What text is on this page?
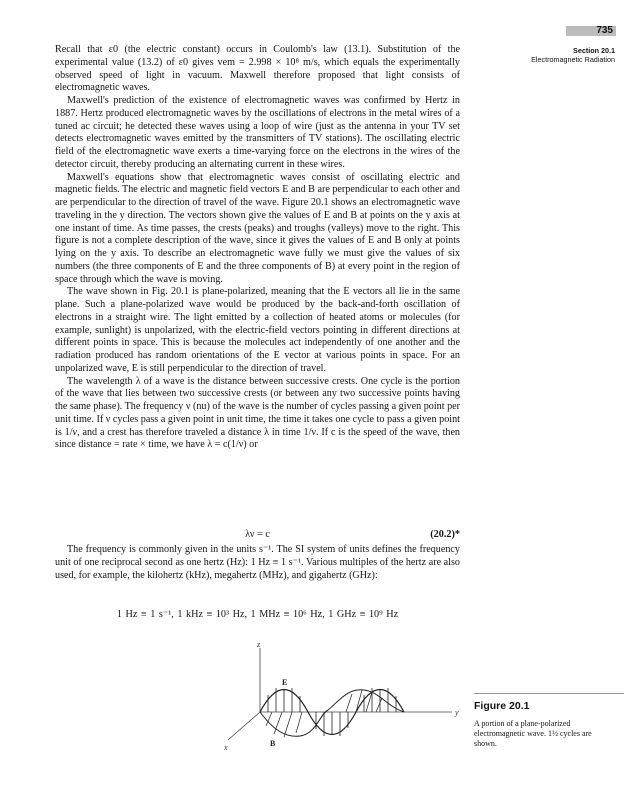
735
Section 20.1
Electromagnetic Radiation

Recall that ε0 (the electric constant) occurs in Coulomb's law (13.1). Substitution of the experimental value (13.2) of ε0 gives vem = 2.998 × 10⁸ m/s, which equals the experimentally observed speed of light in vacuum. Maxwell therefore proposed that light consists of electromagnetic waves.

Maxwell's prediction of the existence of electromagnetic waves was confirmed by Hertz in 1887. Hertz produced electromagnetic waves by the oscillations of electrons in the metal wires of a tuned ac circuit; he detected these waves using a loop of wire (just as the antenna in your TV set detects electromagnetic waves emitted by the transmitters of TV stations). The oscillating electric field of the electromagnetic wave exerts a time-varying force on the electrons in the wires of the detector circuit, thereby producing an alternating current in these wires.

Maxwell's equations show that electromagnetic waves consist of oscillating electric and magnetic fields. The electric and magnetic field vectors E and B are perpendicular to each other and are perpendicular to the direction of travel of the wave. Figure 20.1 shows an electromagnetic wave traveling in the y direction. The vectors shown give the values of E and B at points on the y axis at one instant of time. As time passes, the crests (peaks) and troughs (valleys) move to the right. This figure is not a complete description of the wave, since it gives the values of E and B only at points lying on the y axis. To describe an electromagnetic wave fully we must give the values of six numbers (the three components of E and the three components of B) at every point in the region of space through which the wave is moving.

The wave shown in Fig. 20.1 is plane-polarized, meaning that the E vectors all lie in the same plane. Such a plane-polarized wave would be produced by the back-and-forth oscillation of electrons in a straight wire. The light emitted by a collection of heated atoms or molecules (for example, sunlight) is unpolarized, with the electric-field vectors pointing in different directions at different points in space. This is because the molecules act independently of one another and the radiation produced has random orientations of the E vector at various points in space. For an unpolarized wave, E is still perpendicular to the direction of travel.

The wavelength λ of a wave is the distance between successive crests. One cycle is the portion of the wave that lies between two successive crests (or between any two successive points having the same phase). The frequency ν (nu) of the wave is the number of cycles passing a given point per unit time. If ν cycles pass a given point in unit time, the time it takes one cycle to pass a given point is 1/ν, and a crest has therefore traveled a distance λ in time 1/ν. If c is the speed of the wave, then since distance = rate × time, we have λ = c(1/ν) or

λν = c	(20.2)*

The frequency is commonly given in the units s⁻¹. The SI system of units defines the frequency unit of one reciprocal second as one hertz (Hz): 1 Hz ≡ 1 s⁻¹. Various multiples of the hertz are also used, for example, the kilohertz (kHz), megahertz (MHz), and gigahertz (GHz):

1 Hz ≡ 1 s⁻¹, 1 kHz ≡ 10³ Hz, 1 MHz ≡ 10⁶ Hz, 1 GHz ≡ 10⁹ Hz
z
y
x
E
B
Figure 20.1
A portion of a plane-polarized electromagnetic wave. 1½ cycles are shown.
